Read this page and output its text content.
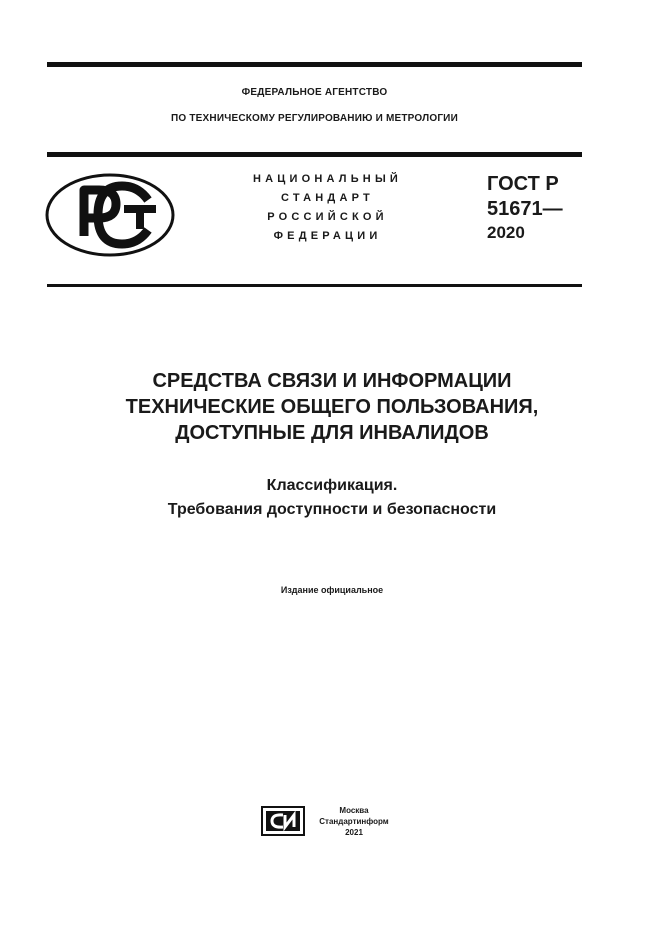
ФЕДЕРАЛЬНОЕ АГЕНТСТВО
ПО ТЕХНИЧЕСКОМУ РЕГУЛИРОВАНИЮ И МЕТРОЛОГИИ
НАЦИОНАЛЬНЫЙ
СТАНДАРТ
РОССИЙСКОЙ
ФЕДЕРАЦИИ
ГОСТ Р
51671—
2020
СРЕДСТВА СВЯЗИ И ИНФОРМАЦИИ
ТЕХНИЧЕСКИЕ ОБЩЕГО ПОЛЬЗОВАНИЯ,
ДОСТУПНЫЕ ДЛЯ ИНВАЛИДОВ
Классификация.
Требования доступности и безопасности
Издание официальное
Москва
Стандартинформ
2021
